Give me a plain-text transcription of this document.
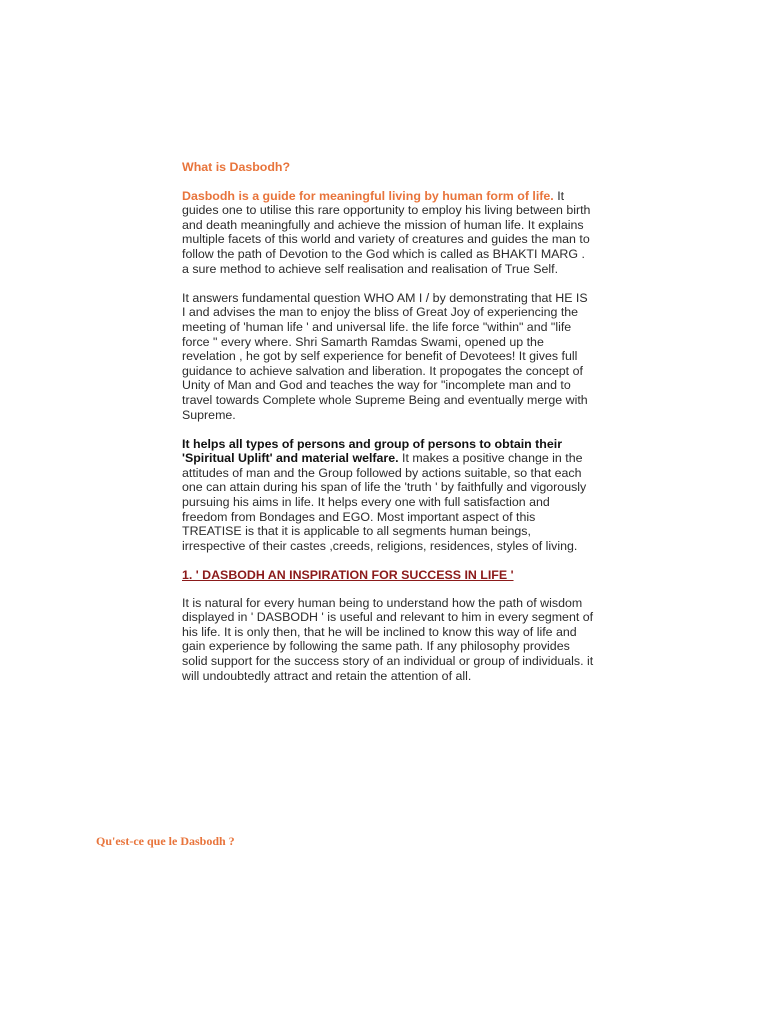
What is Dasbodh?

Dasbodh is a guide for meaningful living by human form of life. It guides one to utilise this rare opportunity to employ his living between birth and death meaningfully and achieve the mission of human life. It explains multiple facets of this world and variety of creatures and guides the man to follow the path of Devotion to the God which is called as BHAKTI MARG . a sure method to achieve self realisation and realisation of True Self.

It answers fundamental question WHO AM I / by demonstrating that HE IS I and advises the man to enjoy the bliss of Great Joy of experiencing the meeting of 'human life ' and universal life. the life force "within" and "life force " every where. Shri Samarth Ramdas Swami, opened up the revelation , he got by self experience for benefit of Devotees! It gives full guidance to achieve salvation and liberation. It propogates the concept of Unity of Man and God and teaches the way for "incomplete man and to travel towards Complete whole Supreme Being and eventually merge with Supreme.

It helps all types of persons and group of persons to obtain their 'Spiritual Uplift' and material welfare. It makes a positive change in the attitudes of man and the Group followed by actions suitable, so that each one can attain during his span of life the 'truth ' by faithfully and vigorously pursuing his aims in life. It helps every one with full satisfaction and freedom from Bondages and EGO. Most important aspect of this TREATISE is that it is applicable to all segments human beings, irrespective of their castes ,creeds, religions, residences, styles of living.

1. ' DASBODH AN INSPIRATION FOR SUCCESS IN LIFE '

It is natural for every human being to understand how the path of wisdom displayed in ' DASBODH ' is useful and relevant to him in every segment of his life. It is only then, that he will be inclined to know this way of life and gain experience by following the same path. If any philosophy provides solid support for the success story of an individual or group of individuals. it will undoubtedly attract and retain the attention of all.

Qu'est-ce que le Dasbodh ?
